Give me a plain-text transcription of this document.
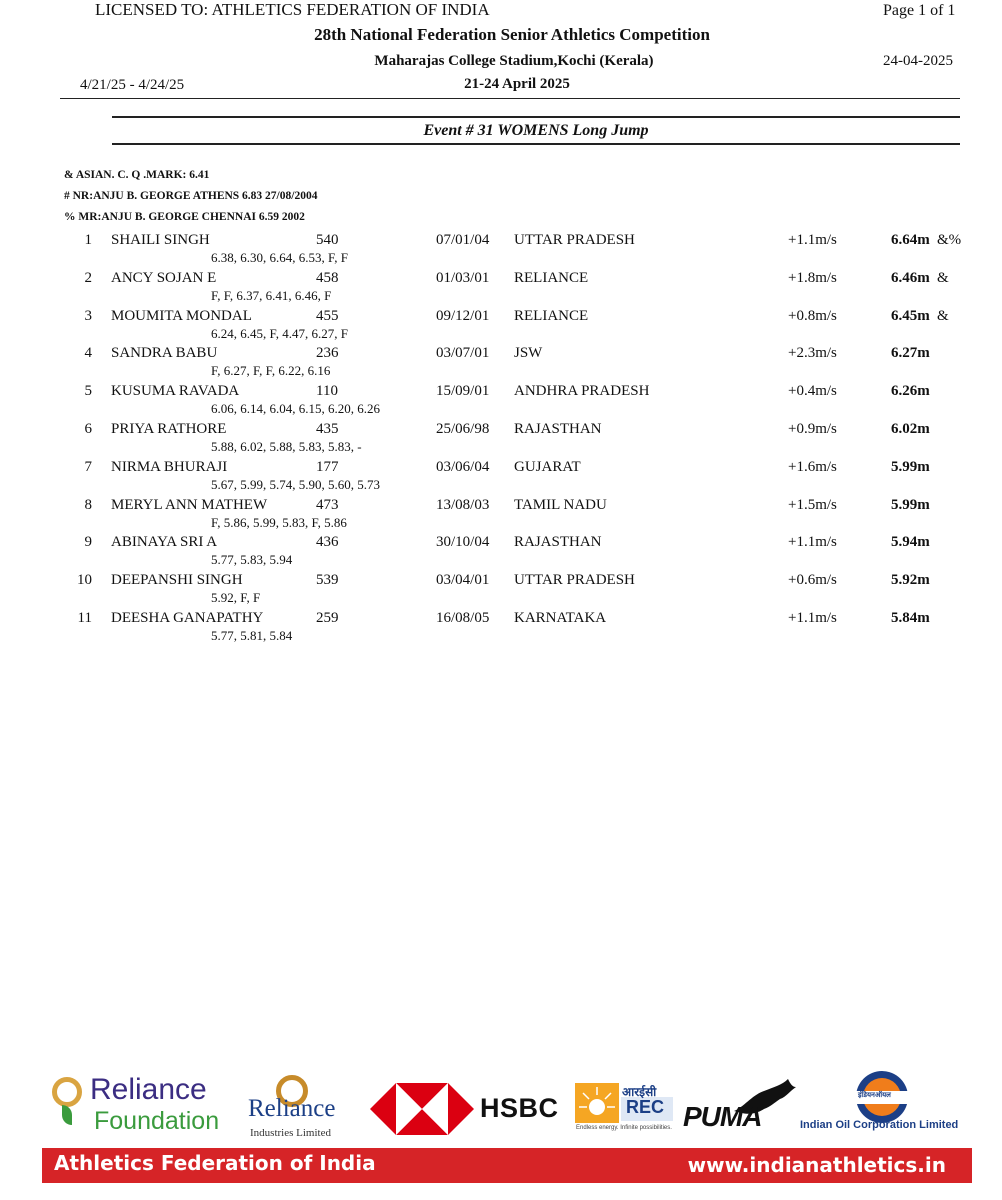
LICENSED TO: ATHLETICS FEDERATION OF INDIA	Page 1 of 1
28th National Federation Senior Athletics Competition
Maharajas College Stadium,Kochi (Kerala)	24-04-2025
4/21/25 - 4/24/25	21-24 April 2025
Event # 31 WOMENS Long Jump
& ASIAN. C. Q .MARK: 6.41
# NR:ANJU B. GEORGE ATHENS 6.83 27/08/2004
% MR:ANJU B. GEORGE CHENNAI 6.59 2002
1 SHAILI SINGH	540	07/01/04 UTTAR PRADESH	+1.1m/s	6.64m &%
6.38, 6.30, 6.64, 6.53, F, F
2 ANCY SOJAN E	458	01/03/01 RELIANCE	+1.8m/s	6.46m &
F, F, 6.37, 6.41, 6.46, F
3 MOUMITA MONDAL	455	09/12/01 RELIANCE	+0.8m/s	6.45m &
6.24, 6.45, F, 4.47, 6.27, F
4 SANDRA BABU	236	03/07/01 JSW	+2.3m/s	6.27m
F, 6.27, F, F, 6.22, 6.16
5 KUSUMA RAVADA	110	15/09/01 ANDHRA PRADESH	+0.4m/s	6.26m
6.06, 6.14, 6.04, 6.15, 6.20, 6.26
6 PRIYA RATHORE	435	25/06/98 RAJASTHAN	+0.9m/s	6.02m
5.88, 6.02, 5.88, 5.83, 5.83, -
7 NIRMA BHURAJI	177	03/06/04 GUJARAT	+1.6m/s	5.99m
5.67, 5.99, 5.74, 5.90, 5.60, 5.73
8 MERYL ANN MATHEW	473	13/08/03 TAMIL NADU	+1.5m/s	5.99m
F, 5.86, 5.99, 5.83, F, 5.86
9 ABINAYA SRI A	436	30/10/04 RAJASTHAN	+1.1m/s	5.94m
5.77, 5.83, 5.94
10 DEEPANSHI SINGH	539	03/04/01 UTTAR PRADESH	+0.6m/s	5.92m
5.92, F, F
11 DEESHA GANAPATHY	259	16/08/05 KARNATAKA	+1.1m/s	5.84m
5.77, 5.81, 5.84
Reliance
Foundation Reliance
Industries Limited
HSBC
आरईसी
REC
Endless energy. Infinite possibilities. PUMA
इंडियनऑयल
Indian Oil Corporation Limited
Athletics Federation of India	www.indianathletics.in
